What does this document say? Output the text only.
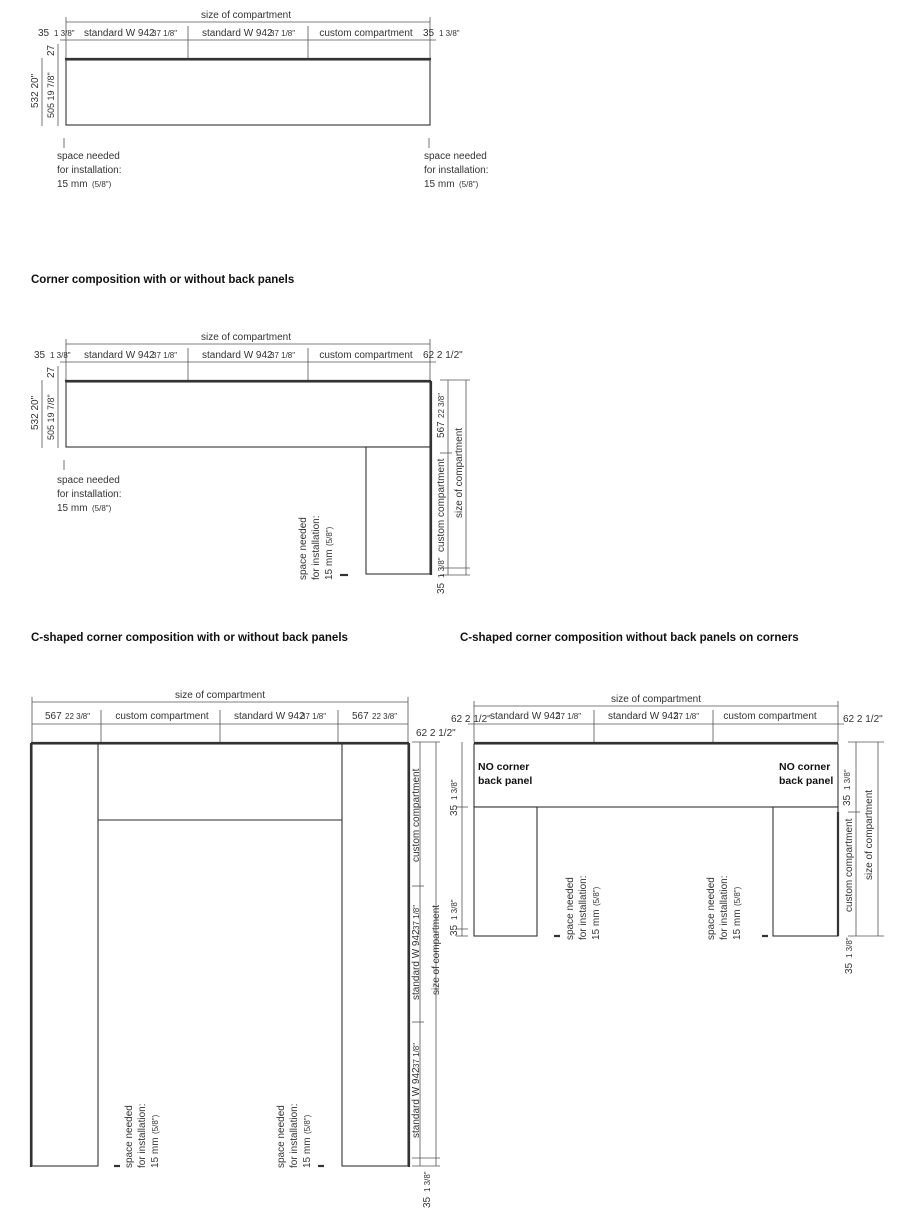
size of compartment
35 1 3/8" standard W 942
37 1/8" standard W 942
37 1/8" custom compartment 35 1 3/8"
27
532 20" 505 19 7/8"
space needed
for installation:
15 mm (5/8")
space needed
for installation:
15 mm (5/8")
Corner composition with or without back panels
size of compartment
35 1 3/8" standard W 942
37 1/8" standard W 942
37 1/8" custom compartment 62 2 1/2"
27
532 20" 505 19 7/8"
space needed
for installation:
15 mm (5/8")
567
22 3/8"
custom compartment size of compartment
35
1 3/8"
space needed for installation: 15 mm
(5/8")
C-shaped corner composition with or without back panels	C-shaped corner composition without back panels on corners
size of compartment
567 22 3/8"	custom compartment	standard W 942
37 1/8"	567 22 3/8"
62 2 1/2"
custom compartment
standard W 942
37 1/8"
standard W 942
37 1/8"
size of compartment
35
1 3/8"
space needed for installation: 15 mm
(5/8")	space needed for installation: 15 mm
(5/8")
size of compartment
62 2 1/2" standard W 942
37 1/8"	standard W 942
37 1/8" custom compartment	62 2 1/2"
NO corner
back panel
NO corner
back panel
35
1 3/8"
35
1 3/8"
35
1 3/8"
custom compartment size of compartment
35
1 3/8"
space needed for installation: 15 mm
(5/8")	space needed for installation: 15 mm
(5/8")
